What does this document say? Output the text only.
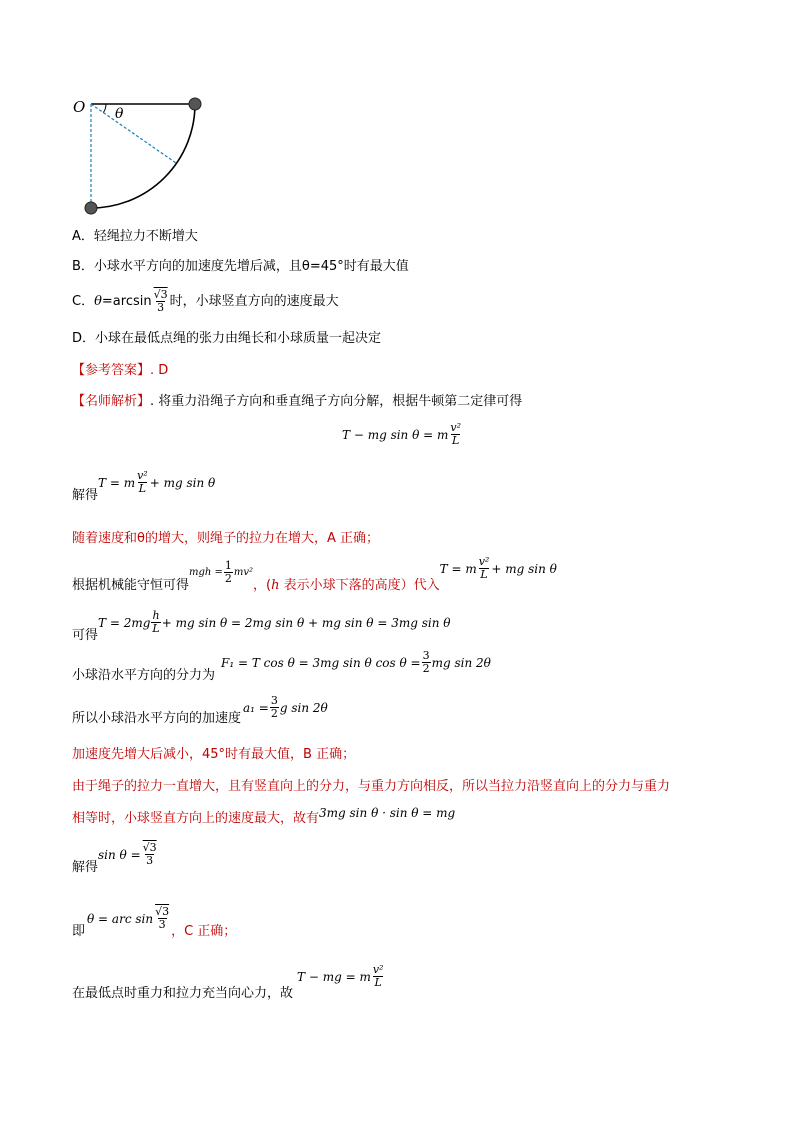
O θ
A．轻绳拉力不断增大
B．小球水平方向的加速度先增后减，且θ=45°时有最大值
C． $\theta =\arcsin \frac{√3}{3}$ 时，小球竖直方向的速度最大
D．小球在最低点绳的张力由绳长和小球质量一起决定
【参考答案】. D
【名师解析】. 将重力沿绳子方向和垂直绳子方向分解，根据牛顿第二定律可得
T − mg sin θ = m $\frac{\text{v²}}{L}$
解得
T = m $\frac{\text{v²}}{L}$ + mg sin θ
随着速度和θ的增大，则绳子的拉力在增大，A 正确；
根据机械能守恒可得
mgh = $\frac{1}{2} mv^2$
，(h 表示小球下落的高度）代入
T = m $\frac{\text{v²}}{L}$ + mg sin θ
可得
$T = 2mg \frac{h}{L}$ + mg sin θ = 2mg sin θ + mg sin θ = 3mg sin θ
小球沿水平方向的分力为
F₁ = T cos θ = 3mg sin θ $\cos \theta = \frac{3}{2}$ mg sin 2θ
所以小球沿水平方向的加速度
$a_1 = \frac{3}{2}$ g sin 2θ
加速度先增大后减小，45°时有最大值，B 正确；
由于绳子的拉力一直增大，且有竖直向上的分力，与重力方向相反，所以当拉力沿竖直向上的分力与重力
相等时，小球竖直方向上的速度最大，故有 3mg sin θ · sin θ = mg
解得
$\sin \theta = \frac{√3}{3}$
即
θ = arc $\sin \frac{√3}{3}$
，C 正确；
在最低点时重力和拉力充当向心力，故
T − mg = m $\frac{\text{v²}}{L}$
